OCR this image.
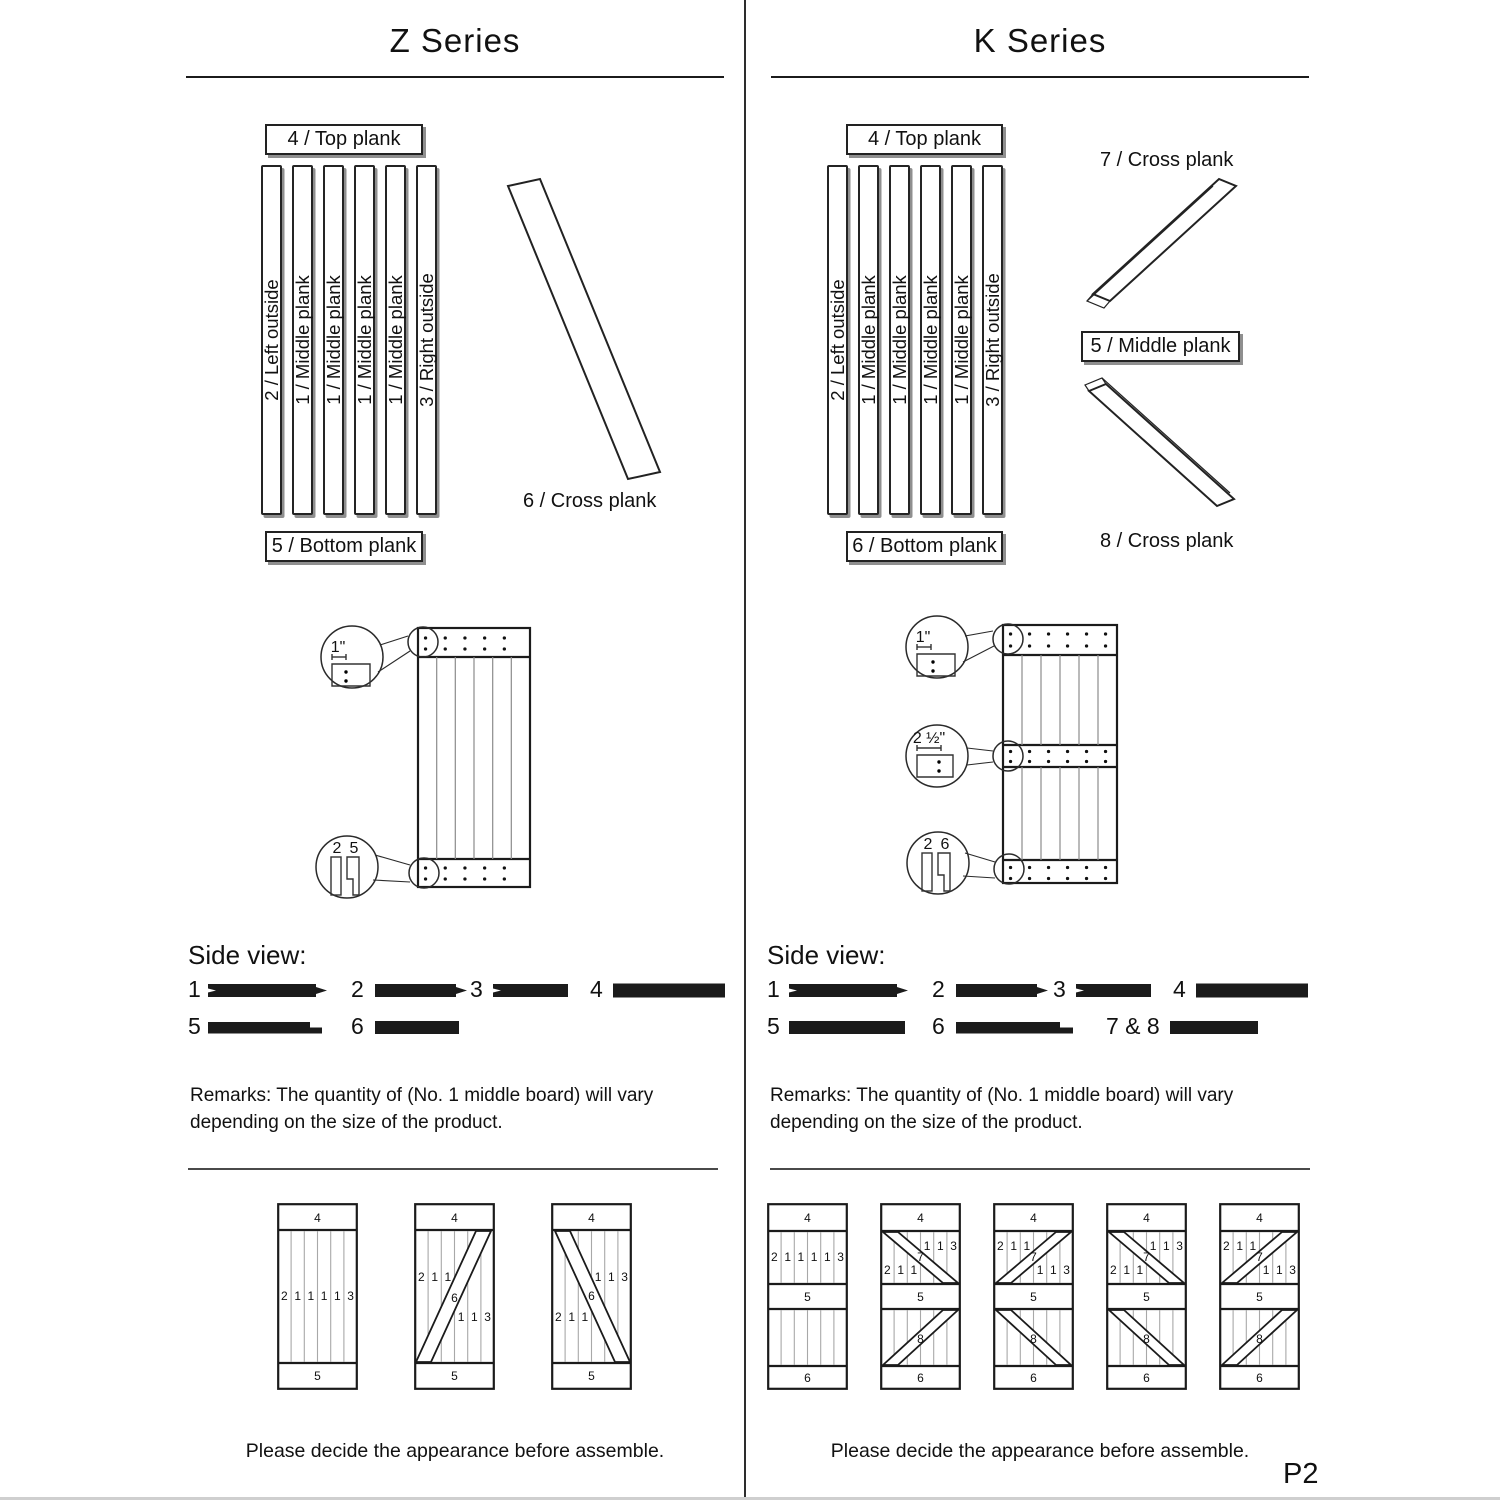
Z Series
4 / Top plank
2 / Left outside 1 / Middle plank 1 / Middle plank 1 / Middle plank 1 / Middle plank 3 / Right outside
6 / Cross plank
5 / Bottom plank
1"
2 5
Side view:
1	2	3	4
5	6
Remarks: The quantity of (No. 1 middle board) will vary depending on the size of the product.
4
5
2 1 1 1 1 3
4
5
2 1 1
6
1 1 3
4
5
1 1 3
6
2 1 1
Please decide the appearance before assemble.
K Series
4 / Top plank
2 / Left outside 1 / Middle plank 1 / Middle plank 1 / Middle plank 1 / Middle plank 3 / Right outside
7 / Cross plank
5 / Middle plank
8 / Cross plank
6 / Bottom plank
1"
2 ½"
2 6
Side view:
1	2	3	4
5	6	7 & 8
Remarks: The quantity of (No. 1 middle board) will vary depending on the size of the product.
4
5
6
2 1 1 1 1 3
4
5
6
1 1 3
7
2 1 1
8
4
5
6
2 1 1
7
1 1 3
8
4
5
6
1 1 3
7
2 1 1
8
4
5
6
2 1 1
7
1 1 3
8
Please decide the appearance before assemble.
P2
